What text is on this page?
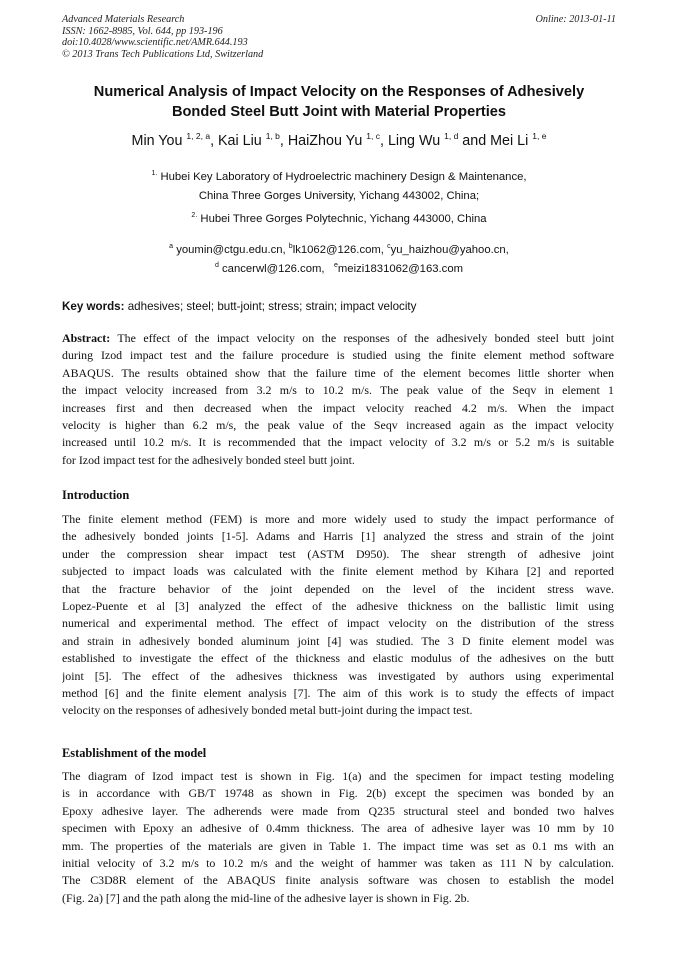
Advanced Materials Research
ISSN: 1662-8985, Vol. 644, pp 193-196
doi:10.4028/www.scientific.net/AMR.644.193
© 2013 Trans Tech Publications Ltd, Switzerland
Online: 2013-01-11
Numerical Analysis of Impact Velocity on the Responses of Adhesively
Bonded Steel Butt Joint with Material Properties
Min You $^{1, 2, a}$, Kai Liu $^{1, b}$, HaiZhou Yu $^{1, c}$, Ling Wu $^{1, d}$ and Mei Li $^{1, e}$
$^{1.}$ Hubei Key Laboratory of Hydroelectric machinery Design & Maintenance,
China Three Gorges University, Yichang 443002, China;
$^{2.}$ Hubei Three Gorges Polytechnic, Yichang 443000, China
$^a$ youmin@ctgu.edu.cn, $^b$lk1062@126.com, $^c$yu_haizhou@yahoo.cn,
$^d$ cancerwl@126.com, $^e$meizi1831062@163.com
Key words: adhesives; steel; butt-joint; stress; strain; impact velocity
Abstract: The effect of the impact velocity on the responses of the adhesively bonded steel butt joint
during Izod impact test and the failure procedure is studied using the finite element method software
ABAQUS. The results obtained show that the failure time of the element becomes little shorter when
the impact velocity increased from 3.2 m/s to 10.2 m/s. The peak value of the Seqv in element 1
increases first and then decreased when the impact velocity reached 4.2 m/s. When the impact
velocity is higher than 6.2 m/s, the peak value of the Seqv increased again as the impact velocity
increased until 10.2 m/s. It is recommended that the impact velocity of 3.2 m/s or 5.2 m/s is suitable
for Izod impact test for the adhesively bonded steel butt joint.
Introduction
The finite element method (FEM) is more and more widely used to study the impact performance of
the adhesively bonded joints [1-5]. Adams and Harris [1] analyzed the stress and strain of the joint
under the compression shear impact test (ASTM D950). The shear strength of adhesive joint
subjected to impact loads was calculated with the finite element method by Kihara [2] and reported
that the fracture behavior of the joint depended on the level of the incident stress wave.
Lopez-Puente et al [3] analyzed the effect of the adhesive thickness on the ballistic limit using
numerical and experimental method. The effect of impact velocity on the distribution of the stress
and strain in adhesively bonded aluminum joint [4] was studied. The 3 D finite element model was
established to investigate the effect of the thickness and elastic modulus of the adhesives on the butt
joint [5]. The effect of the adhesives thickness was investigated by authors using experimental
method [6] and the finite element analysis [7]. The aim of this work is to study the effects of impact
velocity on the responses of adhesively bonded metal butt-joint during the impact test.
Establishment of the model
The diagram of Izod impact test is shown in Fig. 1(a) and the specimen for impact testing modeling
is in accordance with GB/T 19748 as shown in Fig. 2(b) except the specimen was bonded by an
Epoxy adhesive layer. The adherends were made from Q235 structural steel and bonded two halves
specimen with Epoxy an adhesive of 0.4mm thickness. The area of adhesive layer was 10 mm by 10
mm. The properties of the materials are given in Table 1. The impact time was set as 0.1 ms with an
initial velocity of 3.2 m/s to 10.2 m/s and the weight of hammer was taken as 111 N by calculation.
The C3D8R element of the ABAQUS finite analysis software was chosen to establish the model
(Fig. 2a) [7] and the path along the mid-line of the adhesive layer is shown in Fig. 2b.
